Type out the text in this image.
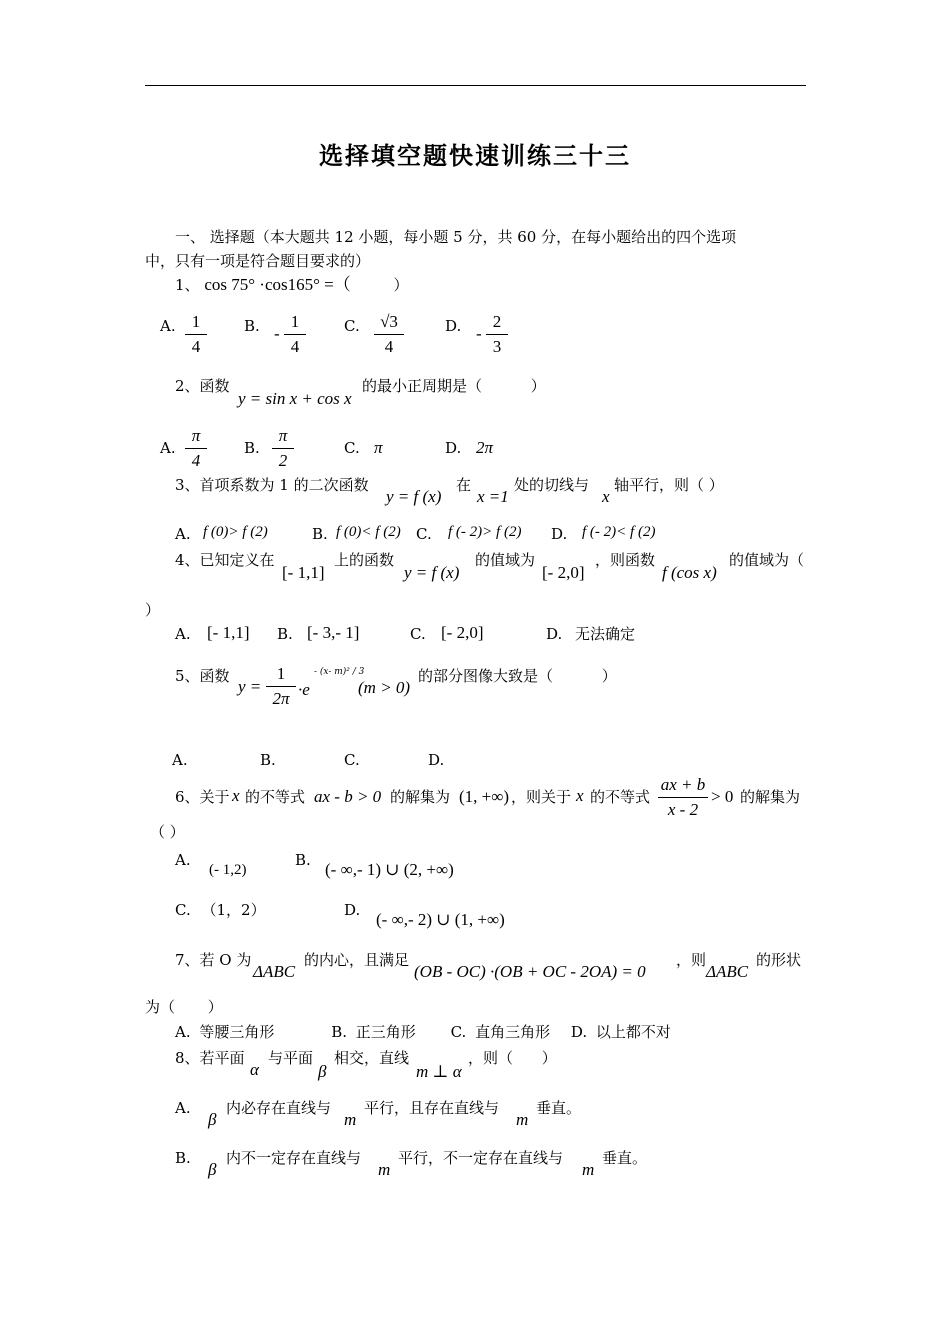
选择填空题快速训练三十三
一、 选择题（本大题共 12 小题，每小题 5 分，共 60 分，在每小题给出的四个选项
中，只有一项是符合题目要求的）
1、 cos 75° ·cos165° =（	）
A. 1
4
B. -
1
4
C.	√3
4
D. -
2
3
2、函数
y = sin x + cos x
的最小正周期是（	）
A.
π
4
B.
π
2
C. π	D. 2π
3、首项系数为 1 的二次函数
y = f (x)
在
x =1
处的切线与
x
轴平行，则（ ）
A. f (0)> f (2)	B. f (0)< f (2) C. f (- 2)> f (2) D. f (- 2)< f (2)
4、已知定义在
[- 1,1]
上的函数
y = f (x)
的值域为
[- 2,0]
，则函数
f (cos x)
的值域为（
）
A. [- 1,1] B. [- 3,- 1]	C. [- 2,0]	D. 无法确定
5、函数
y =
1
2π ·e
- (x- m)² / 3
(m > 0)
的部分图像大致是（	）
A.	B.	C.	D.
6、关于 x 的不等式 ax - b > 0 的解集为 (1, +∞) ，则关于 x 的不等式
ax + b
x - 2
> 0 的解集为
（ ）
A.
(- 1,2)
B. (- ∞,- 1) ∪ (2, +∞)
C. （1，2）	D. (- ∞,- 2) ∪ (1, +∞)
7、若 O 为
ΔABC
的内心，且满足
(OB - OC) ·(OB + OC - 2OA) = 0
，则
ΔABC
的形状
为（ ）
A. 等腰三角形	B. 正三角形 C. 直角三角形 D. 以上都不对
8、若平面
α
与平面
β
相交，直线
m ⊥ α
，则（ ）
A.
β
内必存在直线与
m
平行，且存在直线与
m
垂直。
B.
β
内不一定存在直线与
m
平行，不一定存在直线与
m
垂直。
